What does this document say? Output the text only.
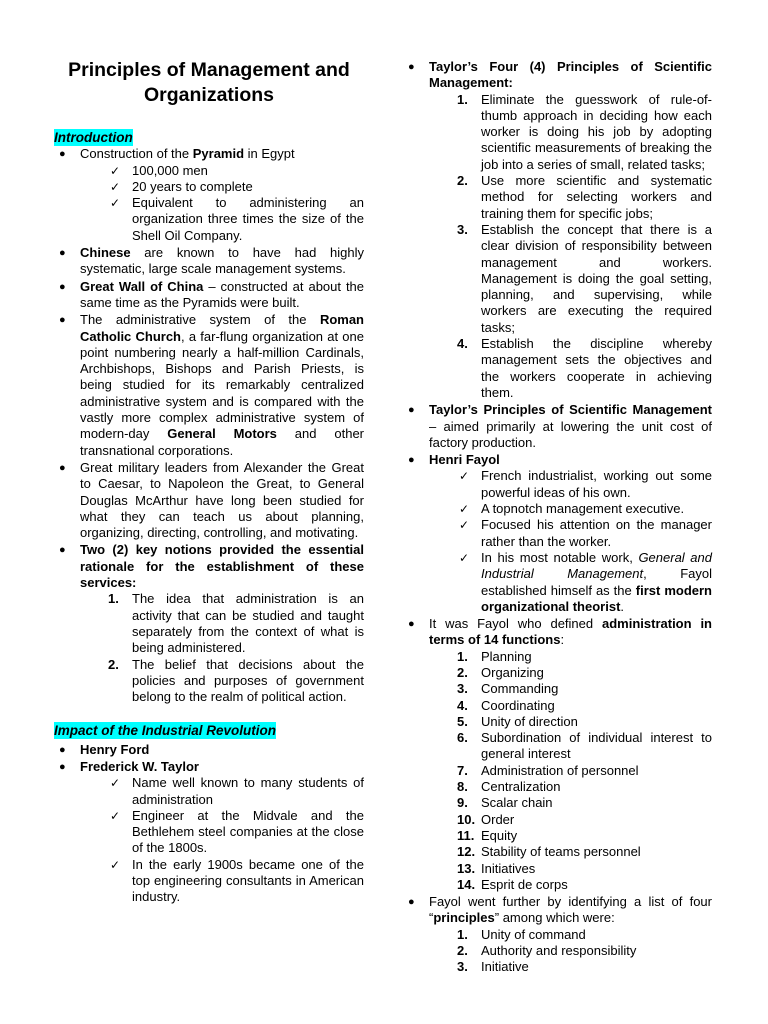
Principles of Management and Organizations
Introduction
● Construction of the Pyramid in Egypt
✓ 100,000 men
✓ 20 years to complete
✓ Equivalent to administering an organization three times the size of the Shell Oil Company.
● Chinese are known to have had highly systematic, large scale management systems.
● Great Wall of China – constructed at about the same time as the Pyramids were built.
● The administrative system of the Roman Catholic Church, a far-flung organization at one point numbering nearly a half-million Cardinals, Archbishops, Bishops and Parish Priests, is being studied for its remarkably centralized administrative system and is compared with the vastly more complex administrative system of modern-day General Motors and other transnational corporations.
● Great military leaders from Alexander the Great to Caesar, to Napoleon the Great, to General Douglas McArthur have long been studied for what they can teach us about planning, organizing, directing, controlling, and motivating.
● Two (2) key notions provided the essential rationale for the establishment of these services:
1. The idea that administration is an activity that can be studied and taught separately from the context of what is being administered.
2. The belief that decisions about the policies and purposes of government belong to the realm of political action.
Impact of the Industrial Revolution
● Henry Ford
● Frederick W. Taylor
✓ Name well known to many students of administration
✓ Engineer at the Midvale and the Bethlehem steel companies at the close of the 1800s.
✓ In the early 1900s became one of the top engineering consultants in American industry.
● Taylor’s Four (4) Principles of Scientific Management:
1. Eliminate the guesswork of rule-of-thumb approach in deciding how each worker is doing his job by adopting scientific measurements of breaking the job into a series of small, related tasks;
2. Use more scientific and systematic method for selecting workers and training them for specific jobs;
3. Establish the concept that there is a clear division of responsibility between management and workers. Management is doing the goal setting, planning, and supervising, while workers are executing the required tasks;
4. Establish the discipline whereby management sets the objectives and the workers cooperate in achieving them.
● Taylor’s Principles of Scientific Management – aimed primarily at lowering the unit cost of factory production.
● Henri Fayol
✓ French industrialist, working out some powerful ideas of his own.
✓ A topnotch management executive.
✓ Focused his attention on the manager rather than the worker.
✓ In his most notable work, General and Industrial Management, Fayol established himself as the first modern organizational theorist.
● It was Fayol who defined administration in terms of 14 functions:
1. Planning
2. Organizing
3. Commanding
4. Coordinating
5. Unity of direction
6. Subordination of individual interest to general interest
7. Administration of personnel
8. Centralization
9. Scalar chain
10. Order
11. Equity
12. Stability of teams personnel
13. Initiatives
14. Esprit de corps
● Fayol went further by identifying a list of four “principles” among which were:
1. Unity of command
2. Authority and responsibility
3. Initiative
